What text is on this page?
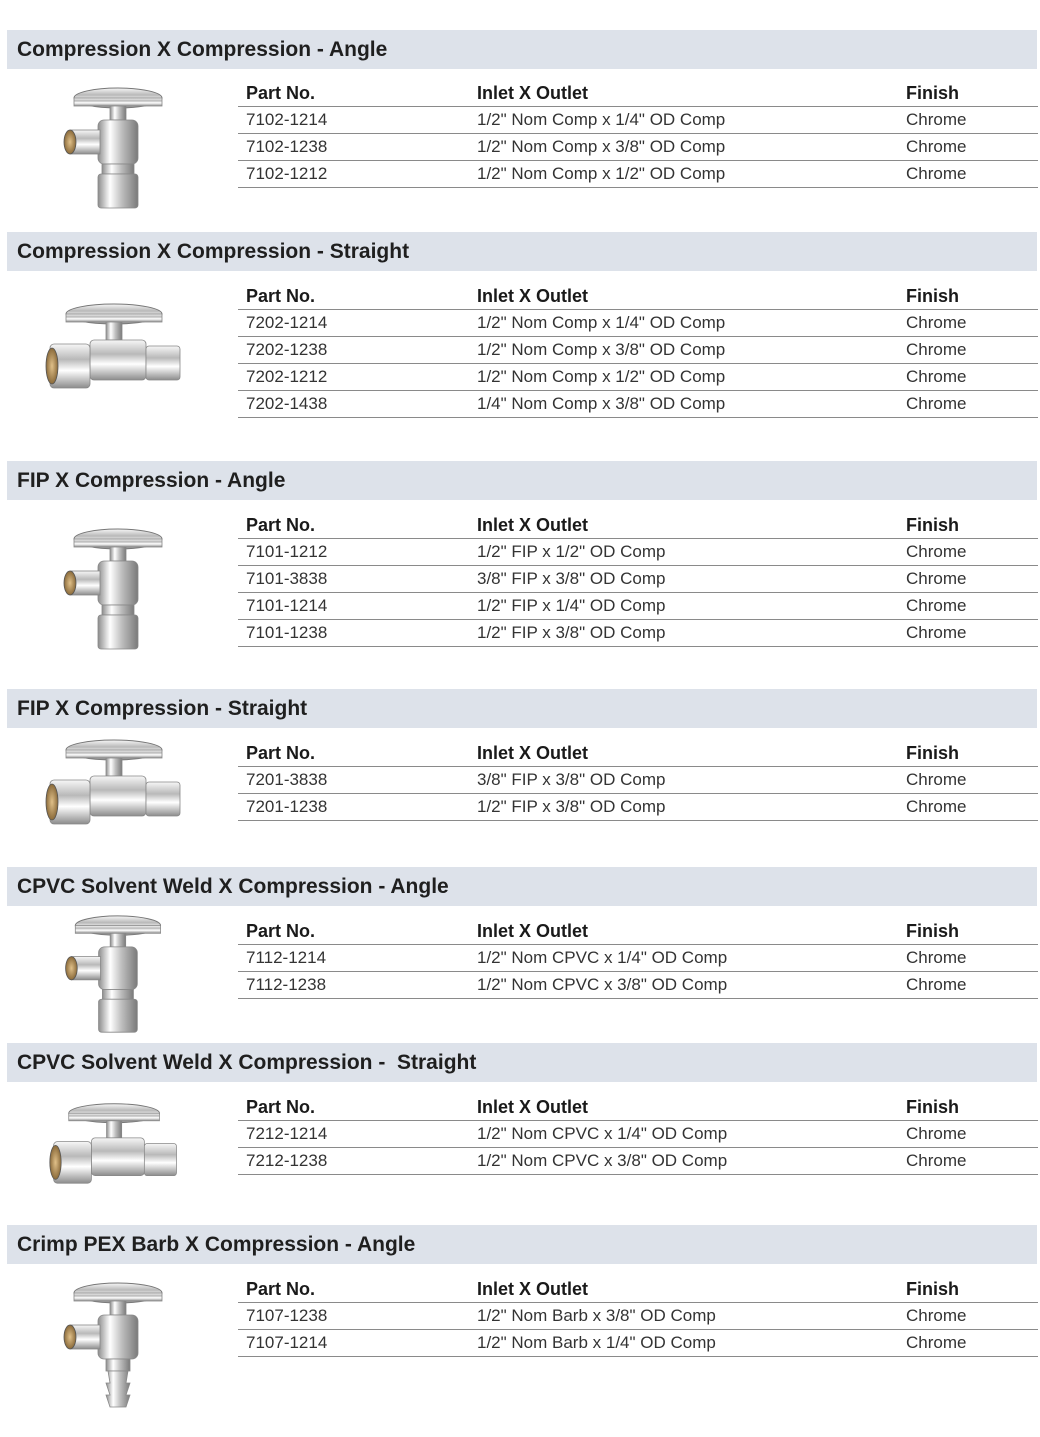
Compression X Compression - Angle
Part No.	Inlet X Outlet	Finish
7102-1214	1/2" Nom Comp x 1/4" OD Comp	Chrome
7102-1238	1/2" Nom Comp x 3/8" OD Comp	Chrome
7102-1212	1/2" Nom Comp x 1/2" OD Comp	Chrome
Compression X Compression - Straight
Part No.	Inlet X Outlet	Finish
7202-1214	1/2" Nom Comp x 1/4" OD Comp	Chrome
7202-1238	1/2" Nom Comp x 3/8" OD Comp	Chrome
7202-1212	1/2" Nom Comp x 1/2" OD Comp	Chrome
7202-1438	1/4" Nom Comp x 3/8" OD Comp	Chrome
FIP X Compression - Angle
Part No.	Inlet X Outlet	Finish
7101-1212	1/2" FIP x 1/2" OD Comp	Chrome
7101-3838	3/8" FIP x 3/8" OD Comp	Chrome
7101-1214	1/2" FIP x 1/4" OD Comp	Chrome
7101-1238	1/2" FIP x 3/8" OD Comp	Chrome
FIP X Compression - Straight
Part No.	Inlet X Outlet	Finish
7201-3838	3/8" FIP x 3/8" OD Comp	Chrome
7201-1238	1/2" FIP x 3/8" OD Comp	Chrome
CPVC Solvent Weld X Compression - Angle
Part No.	Inlet X Outlet	Finish
7112-1214	1/2" Nom CPVC x 1/4" OD Comp	Chrome
7112-1238	1/2" Nom CPVC x 3/8" OD Comp	Chrome
CPVC Solvent Weld X Compression -  Straight
Part No.	Inlet X Outlet	Finish
7212-1214	1/2" Nom CPVC x 1/4" OD Comp	Chrome
7212-1238	1/2" Nom CPVC x 3/8" OD Comp	Chrome
Crimp PEX Barb X Compression - Angle
Part No.	Inlet X Outlet	Finish
7107-1238	1/2" Nom Barb x 3/8" OD Comp	Chrome
7107-1214	1/2" Nom Barb x 1/4" OD Comp	Chrome
